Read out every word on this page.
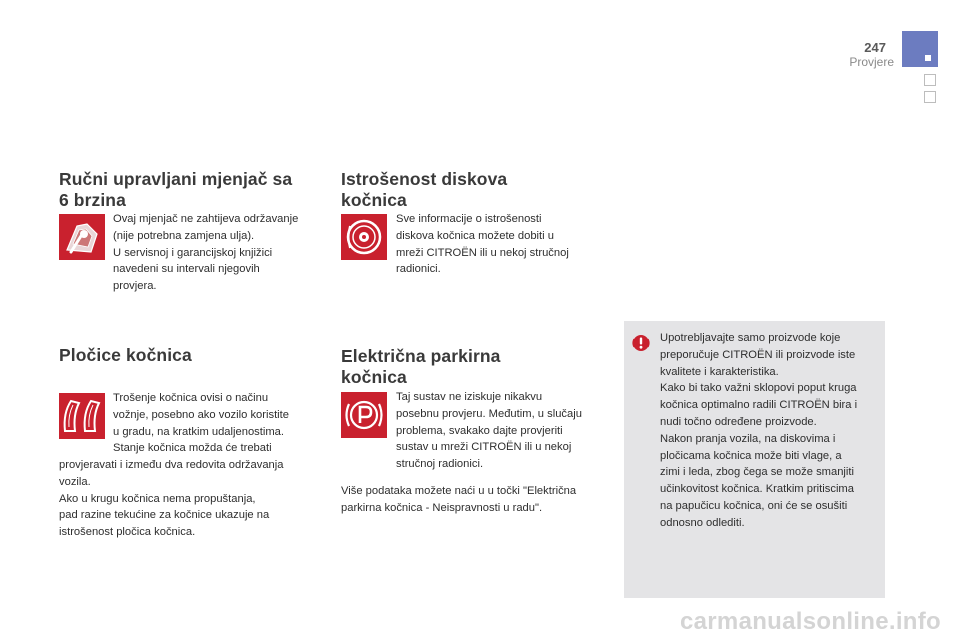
247
Provjere
Ručni upravljani mjenjač sa
6 brzina
Ovaj mjenjač ne zahtijeva održavanje
(nije potrebna zamjena ulja).
U servisnoj i garancijskoj knjižici
navedeni su intervali njegovih
provjera.
Istrošenost diskova
kočnica
Sve informacije o istrošenosti
diskova kočnica možete dobiti u
mreži CITROËN ili u nekoj stručnoj
radionici.
Pločice kočnica
Trošenje kočnica ovisi o načinu
vožnje, posebno ako vozilo koristite
u gradu, na kratkim udaljenostima.
Stanje kočnica možda će trebati
provjeravati i između dva redovita održavanja
vozila.
Ako u krugu kočnica nema propuštanja,
pad razine tekućine za kočnice ukazuje na
istrošenost pločica kočnica.
Električna parkirna
kočnica
Taj sustav ne iziskuje nikakvu
posebnu provjeru. Međutim, u slučaju
problema, svakako dajte provjeriti
sustav u mreži CITROËN ili u nekoj
stručnoj radionici.
Više podataka možete naći u u točki "Električna
parkirna kočnica - Neispravnosti u radu".
Upotrebljavajte samo proizvode koje
preporučuje CITROËN ili proizvode iste
kvalitete i karakteristika.
Kako bi tako važni sklopovi poput kruga
kočnica optimalno radili CITROËN bira i
nudi točno određene proizvode.
Nakon pranja vozila, na diskovima i
pločicama kočnica može biti vlage, a
zimi i leda, zbog čega se može smanjiti
učinkovitost kočnica. Kratkim pritiscima
na papučicu kočnica, oni će se osušiti
odnosno odlediti.
carmanualsonline.info
